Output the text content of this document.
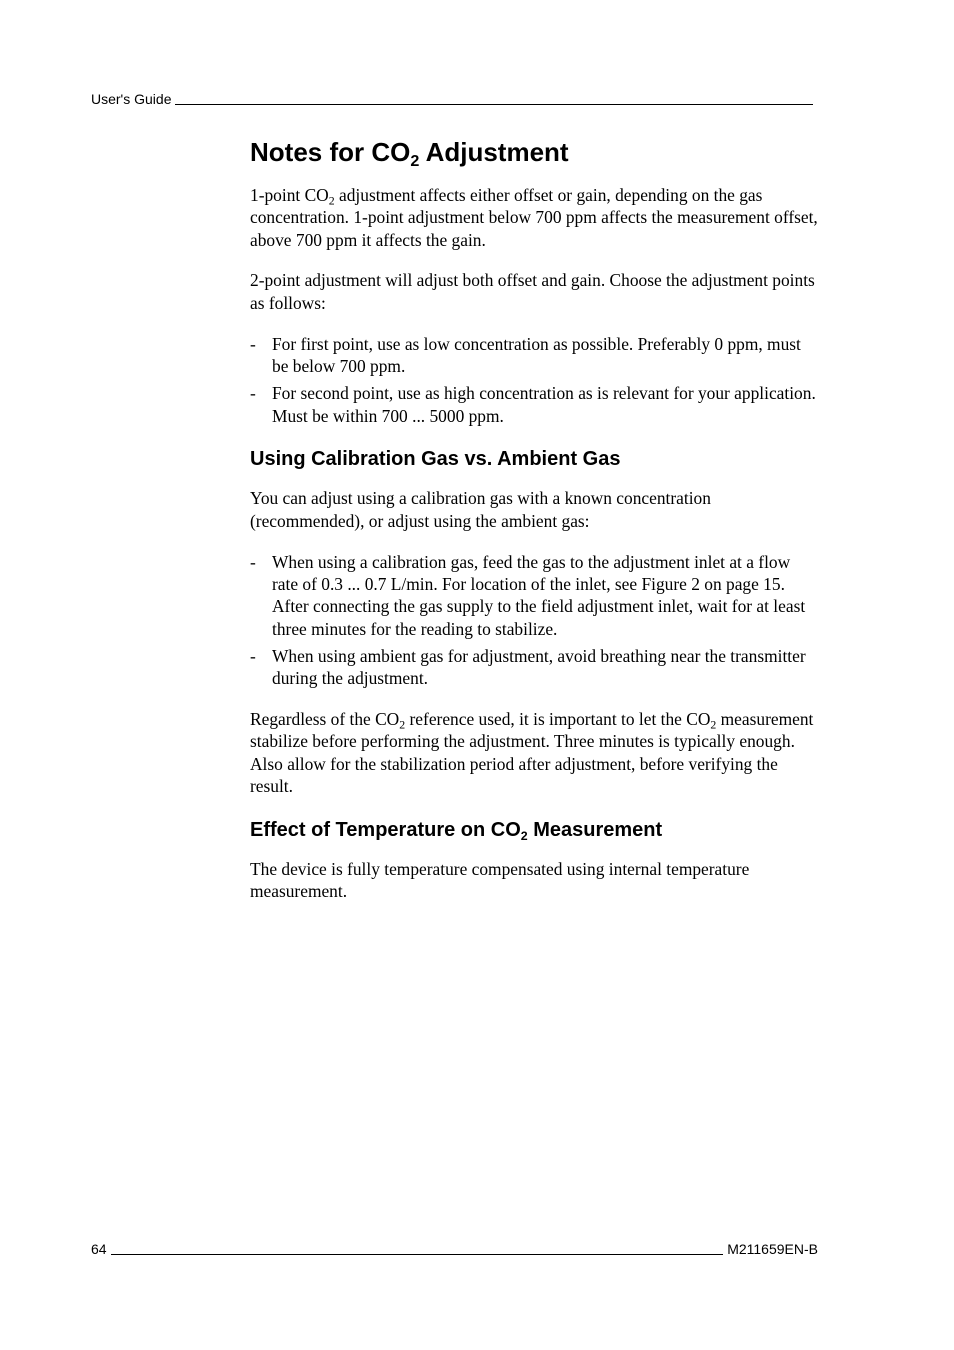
User's Guide
Notes for CO2 Adjustment

1-point $CO_2$ adjustment affects either offset or gain, depending on the gas concentration. 1-point adjustment below 700 ppm affects the measurement offset, above 700 ppm it affects the gain.

2-point adjustment will adjust both offset and gain. Choose the adjustment points as follows:

- For first point, use as low concentration as possible. Preferably 0 ppm, must be below 700 ppm.
- For second point, use as high concentration as is relevant for your application. Must be within 700 ... 5000 ppm.
Using Calibration Gas vs. Ambient Gas

You can adjust using a calibration gas with a known concentration (recommended), or adjust using the ambient gas:

- When using a calibration gas, feed the gas to the adjustment inlet at a flow rate of 0.3 ... 0.7 L/min. For location of the inlet, see Figure 2 on page 15. After connecting the gas supply to the field adjustment inlet, wait for at least three minutes for the reading to stabilize.
- When using ambient gas for adjustment, avoid breathing near the transmitter during the adjustment.

Regardless of the $CO_2$ reference used, it is important to let the $CO_2$ measurement stabilize before performing the adjustment. Three minutes is typically enough. Also allow for the stabilization period after adjustment, before verifying the result.

Effect of Temperature on CO2 Measurement

The device is fully temperature compensated using internal temperature measurement.

64	M211659EN-B
